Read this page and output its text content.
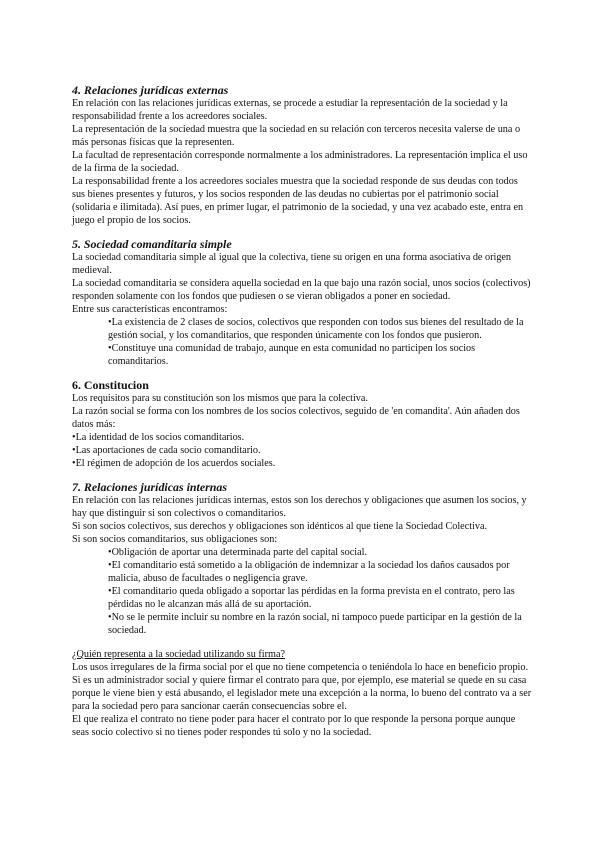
4. Relaciones jurídicas externas

En relación con las relaciones jurídicas externas, se procede a estudiar la representación de la sociedad y la responsabilidad frente a los acreedores sociales.

La representación de la sociedad muestra que la sociedad en su relación con terceros necesita valerse de una o más personas físicas que la representen.

La facultad de representación corresponde normalmente a los administradores. La representación implica el uso de la firma de la sociedad.

La responsabilidad frente a los acreedores sociales muestra que la sociedad responde de sus deudas con todos sus bienes presentes y futuros, y los socios responden de las deudas no cubiertas por el patrimonio social (solidaria e ilimitada). Así pues, en primer lugar, el patrimonio de la sociedad, y una vez acabado este, entra en juego el propio de los socios.

5. Sociedad comanditaria simple

La sociedad comanditaria simple al igual que la colectiva, tiene su origen en una forma asociativa de origen medieval.

La sociedad comanditaria se considera aquella sociedad en la que bajo una razón social, unos socios (colectivos) responden solamente con los fondos que pudiesen o se vieran obligados a poner en sociedad.

Entre sus características encontramos:

•La existencia de 2 clases de socios, colectivos que responden con todos sus bienes del resultado de la gestión social, y los comanditarios, que responden únicamente con los fondos que pusieron.
•Constituye una comunidad de trabajo, aunque en esta comunidad no participen los socios comanditarios.
6. Constitucion

Los requisitos para su constitución son los mismos que para la colectiva.

La razón social se forma con los nombres de los socios colectivos, seguido de 'en comandita'. Aún añaden dos datos más:

•La identidad de los socios comanditarios.
•Las aportaciones de cada socio comanditario.
•El régimen de adopción de los acuerdos sociales.
7. Relaciones jurídicas internas

En relación con las relaciones jurídicas internas, estos son los derechos y obligaciones que asumen los socios, y hay que distinguir si son colectivos o comanditarios.

Si son socios colectivos, sus derechos y obligaciones son idénticos al que tiene la Sociedad Colectiva.

Si son socios comanditarios, sus obligaciones son:

•Obligación de aportar una determinada parte del capital social.
•El comanditario está sometido a la obligación de indemnizar a la sociedad los daños causados por malicia, abuso de facultades o negligencia grave.
•El comanditario queda obligado a soportar las pérdidas en la forma prevista en el contrato, pero las pérdidas no le alcanzan más allá de su aportación.
•No se le permite incluir su nombre en la razón social, ni tampoco puede participar en la gestión de la sociedad.

¿Quién representa a la sociedad utilizando su firma?

Los usos irregulares de la firma social por el que no tiene competencia o teniéndola lo hace en beneficio propio. Si es un administrador social y quiere firmar el contrato para que, por ejemplo, ese material se quede en su casa porque le viene bien y está abusando, el legislador mete una excepción a la norma, lo bueno del contrato va a ser para la sociedad pero para sancionar caerán consecuencias sobre el.

El que realiza el contrato no tiene poder para hacer el contrato por lo que responde la persona porque aunque seas socio colectivo si no tienes poder respondes tú solo y no la sociedad.
